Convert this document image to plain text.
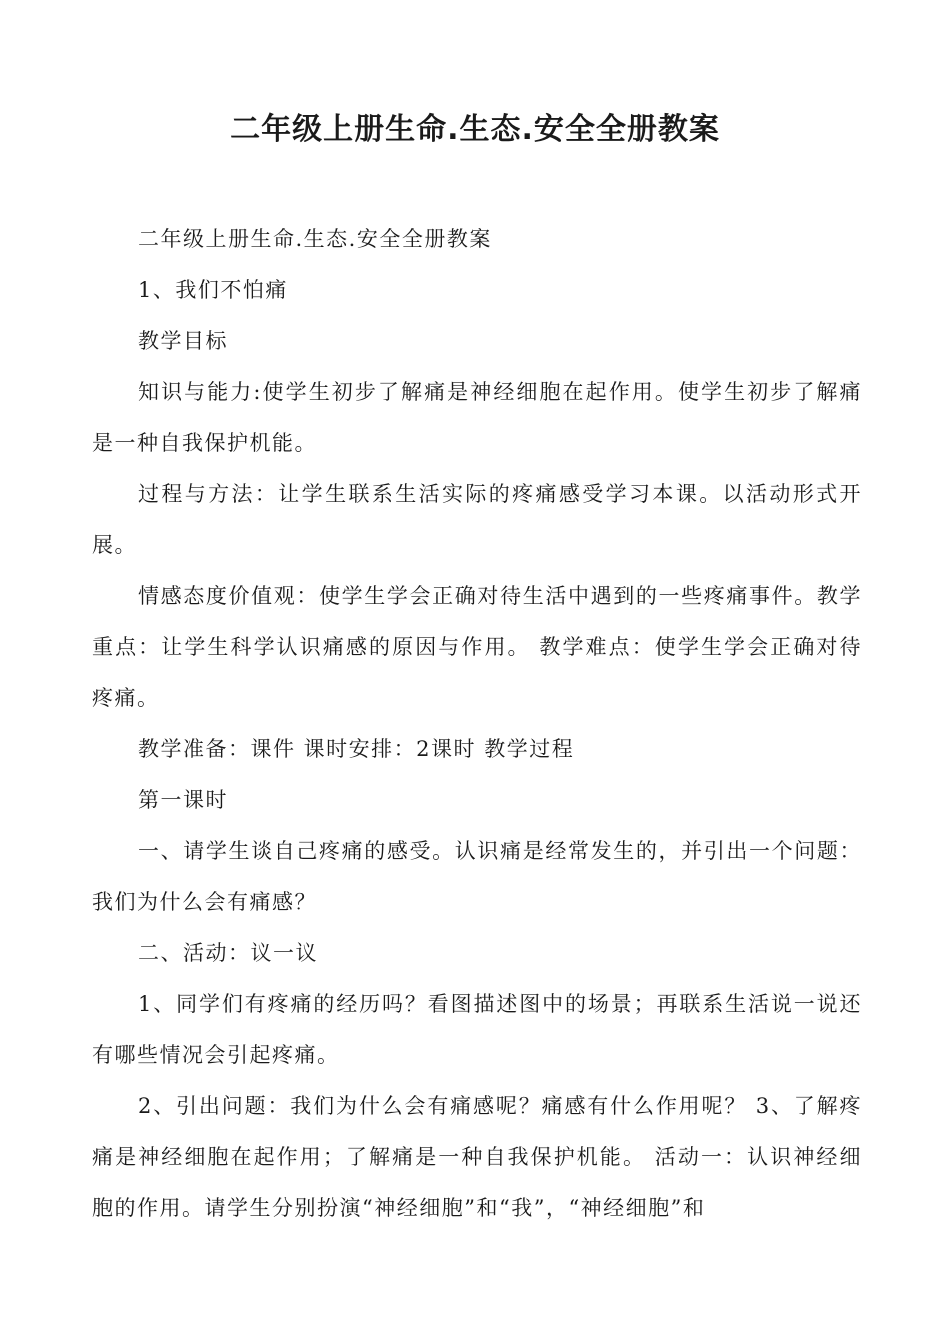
二年级上册生命.生态.安全全册教案

二年级上册生命.生态.安全全册教案

1、我们不怕痛

教学目标

知识与能力:使学生初步了解痛是神经细胞在起作用。使学生初步了解痛是一种自我保护机能。

过程与方法：让学生联系生活实际的疼痛感受学习本课。以活动形式开展。

情感态度价值观：使学生学会正确对待生活中遇到的一些疼痛事件。教学重点：让学生科学认识痛感的原因与作用。 教学难点：使学生学会正确对待疼痛。

教学准备：课件 课时安排：2课时 教学过程

第一课时

一、请学生谈自己疼痛的感受。认识痛是经常发生的，并引出一个问题：我们为什么会有痛感？

二、活动：议一议

1、同学们有疼痛的经历吗？看图描述图中的场景；再联系生活说一说还有哪些情况会引起疼痛。

2、引出问题：我们为什么会有痛感呢？痛感有什么作用呢？ 3、了解疼痛是神经细胞在起作用；了解痛是一种自我保护机能。 活动一：认识神经细胞的作用。请学生分别扮演“神经细胞”和“我”，“神经细胞”和
